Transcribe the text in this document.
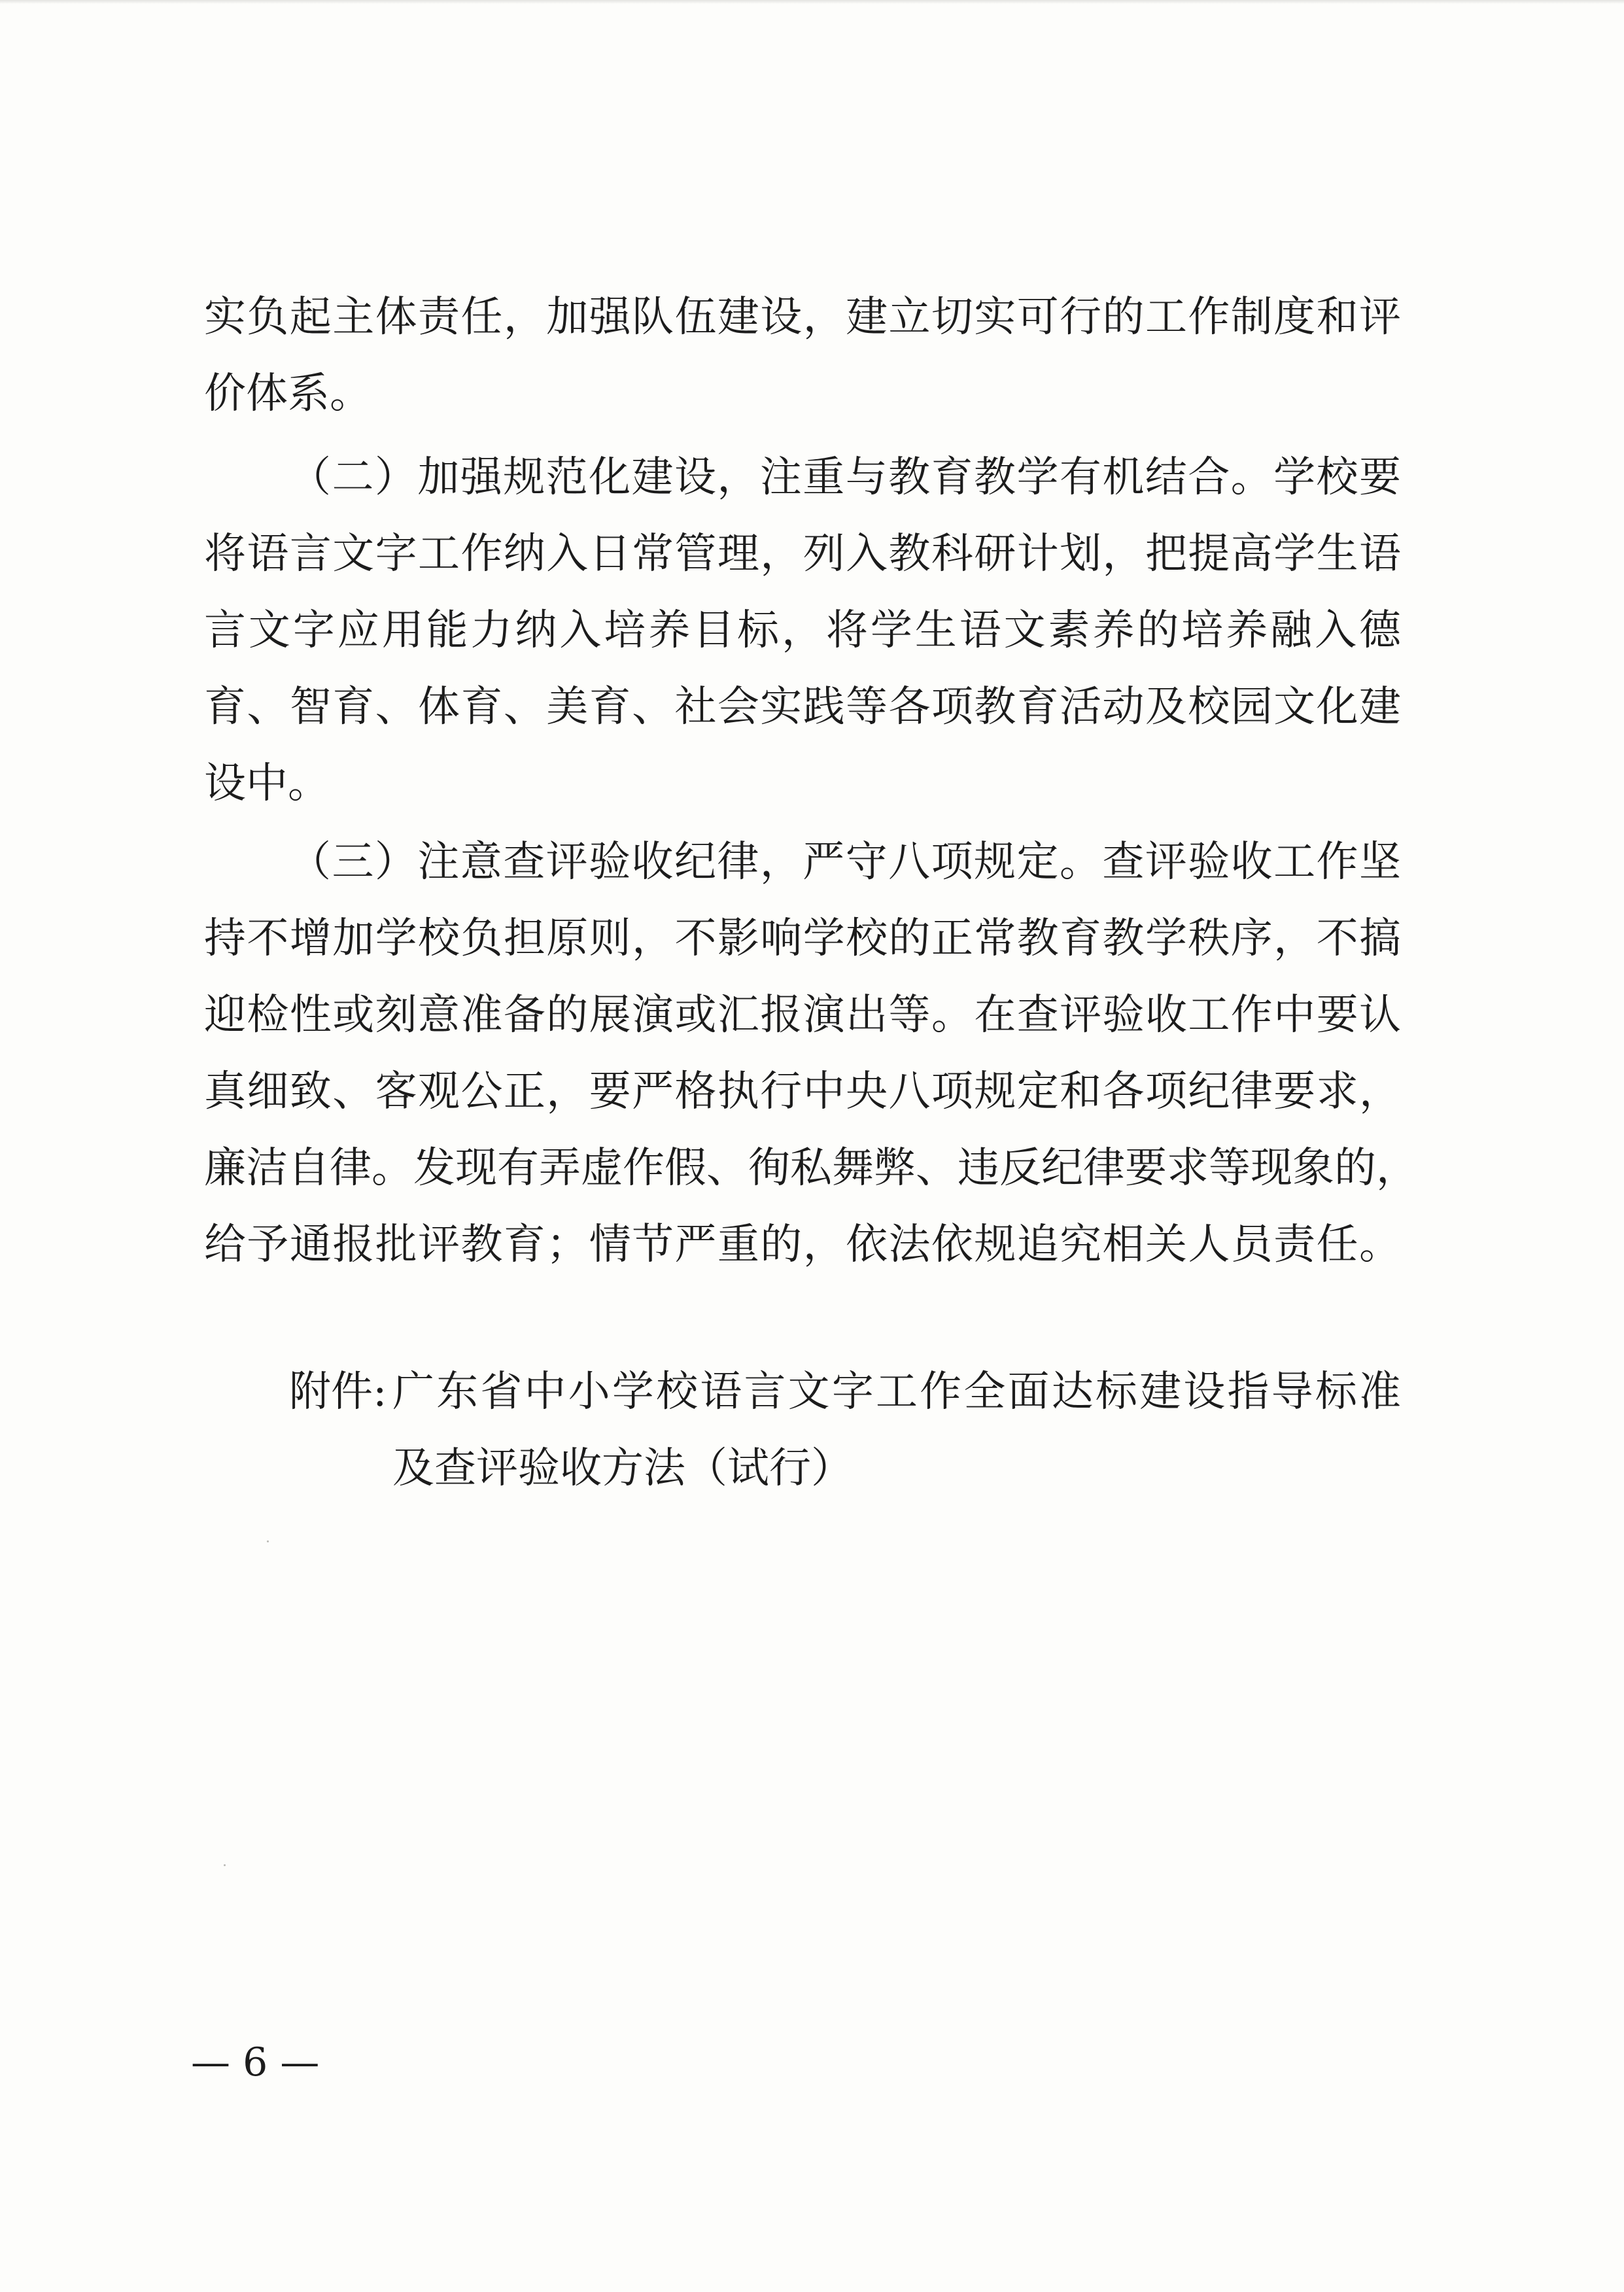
实负起主体责任，加强队伍建设，建立切实可行的工作制度和评
价体系。
（二）加强规范化建设，注重与教育教学有机结合。学校要
将语言文字工作纳入日常管理，列入教科研计划，把提高学生语
言文字应用能力纳入培养目标，将学生语文素养的培养融入德
育、智育、体育、美育、社会实践等各项教育活动及校园文化建
设中。
（三）注意查评验收纪律，严守八项规定。查评验收工作坚
持不增加学校负担原则，不影响学校的正常教育教学秩序，不搞
迎检性或刻意准备的展演或汇报演出等。在查评验收工作中要认
真细致、客观公正，要严格执行中央八项规定和各项纪律要求，
廉洁自律。发现有弄虚作假、徇私舞弊、违反纪律要求等现象的，
给予通报批评教育；情节严重的，依法依规追究相关人员责任。
附件: 广东省中小学校语言文字工作全面达标建设指导标准
及查评验收方法（试行）
— 6 —
